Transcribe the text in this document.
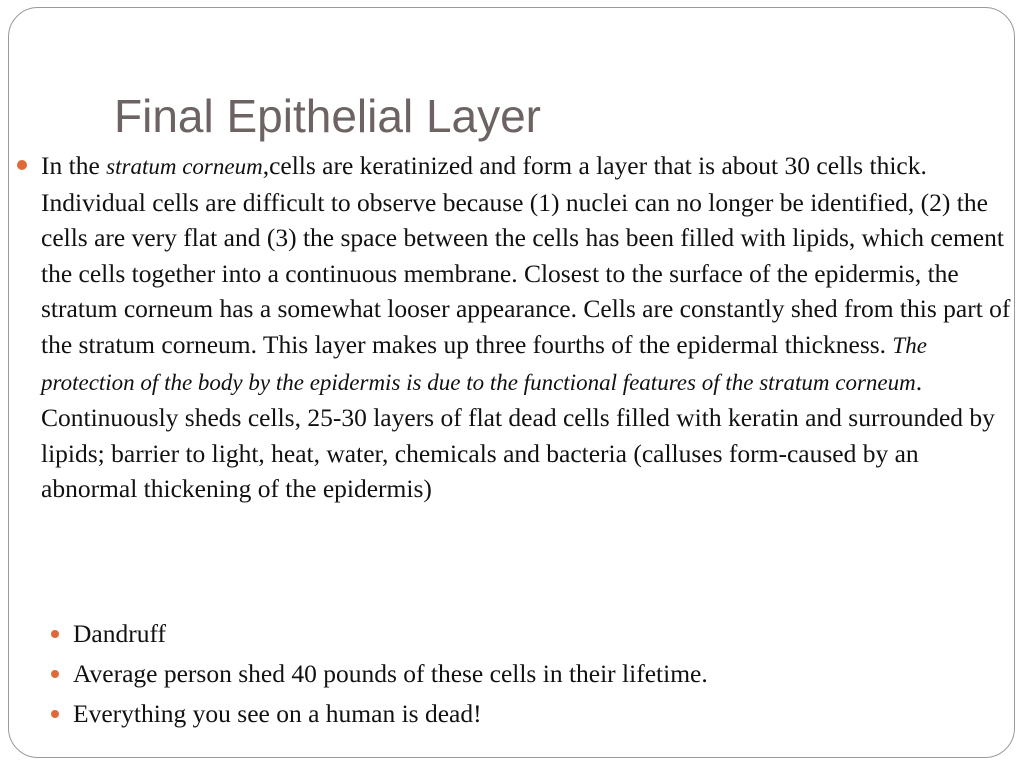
Final Epithelial Layer
In the stratum corneum,cells are keratinized and form a layer that is about 30 cells thick. Individual cells are difficult to observe because (1) nuclei can no longer be identified, (2) the cells are very flat and (3) the space between the cells has been filled with lipids, which cement the cells together into a continuous membrane. Closest to the surface of the epidermis, the stratum corneum has a somewhat looser appearance. Cells are constantly shed from this part of the stratum corneum. This layer makes up three fourths of the epidermal thickness. The protection of the body by the epidermis is due to the functional features of the stratum corneum. Continuously sheds cells, 25-30 layers of flat dead cells filled with keratin and surrounded by lipids; barrier to light, heat, water, chemicals and bacteria (calluses form-caused by an abnormal thickening of the epidermis)
Dandruff
Average person shed 40 pounds of these cells in their lifetime.
Everything you see on a human is dead!
